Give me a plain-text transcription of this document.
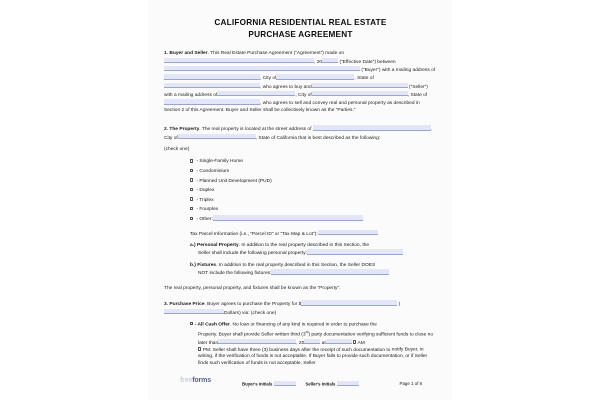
CALIFORNIA RESIDENTIAL REAL ESTATE
PURCHASE AGREEMENT
1. Buyer and Seller. This Real Estate Purchase Agreement (“Agreement”) made on , 20	(“Effective Date”) between  (“Buyer”) with a mailing address of, City of	, State of , who agrees to buy and	(“Seller”) with a mailing address of	, City of	, State of , who agrees to sell and convey real and personal property as described in Section 2 of this Agreement. Buyer and Seller shall be collectively known as the “Parties.”
2. The Property. The real property is located at the street address of	. City of	, State of California that is best described as the following:
(check one)
- Single-Family Home
- Condominium
- Planned Unit Development (PUD)
- Duplex
- Triplex
- Fourplex
- Other:
Tax Parcel Information (i.e., “Parcel ID” or “Tax Map & Lot”):
a.) Personal Property. In addition to the real property described in this Section, the
Seller shall include the following personal property:
b.) Fixtures. In addition to the real property described in this Section, the Seller DOES
NOT include the following fixtures:
The real property, personal property, and fixtures shall be known as the “Property”.
3. Purchase Price. Buyer agrees to purchase the Property for $	(Dollars) via: (check one)
- All Cash Offer. No loan or financing of any kind is required in order to purchase the
Property. Buyer shall provide Seller written third (3rd) party documentation verifying sufficient funds to close no later than	, 20	at	AM  PM. Seller shall have three (3) business days after the receipt of such documentation to notify Buyer, in writing, if the verification of funds is not acceptable. If Buyer fails to provide such documentation, or if Seller finds such verification of funds is not acceptable, Seller
freeforms	Buyer's Initials	Seller's Initials	Page 1 of 8
